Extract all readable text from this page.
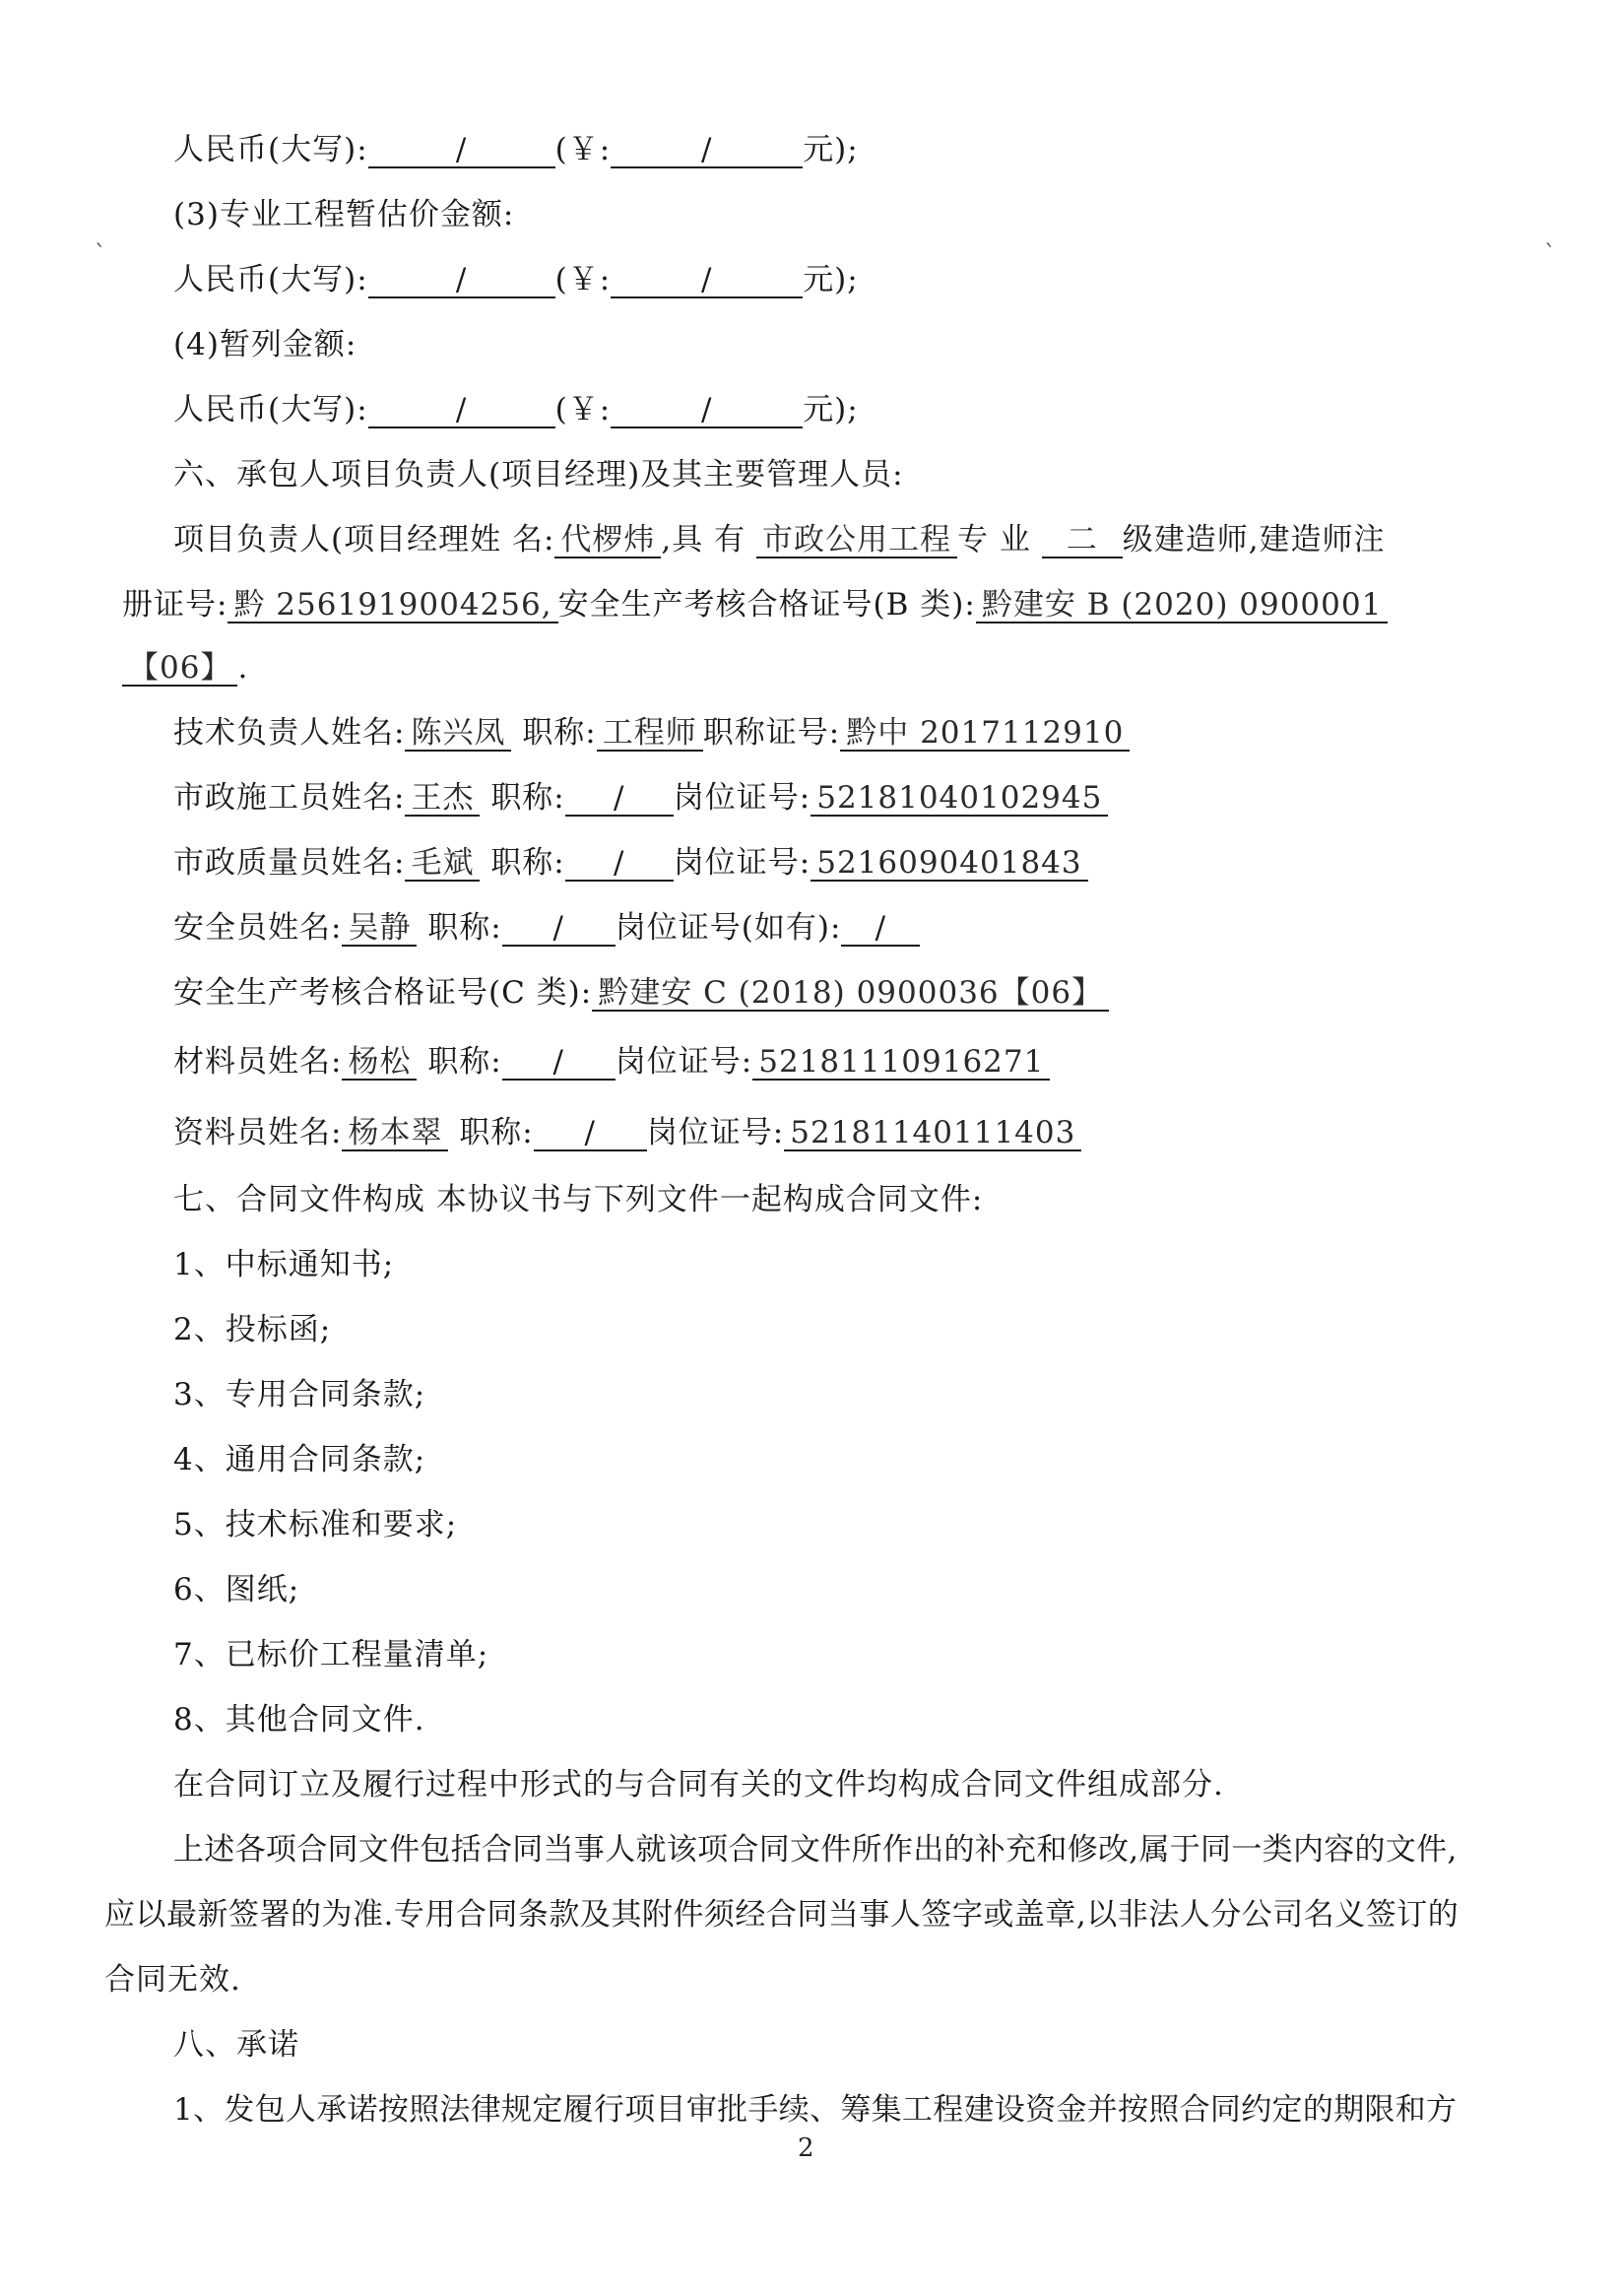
人民币(大写):	/	(￥:	/	元);
(3)专业工程暂估价金额:
人民币(大写):	/	(￥:	/	元);
(4)暂列金额:
人民币(大写):	/	(￥:	/	元);
六、承包人项目负责人(项目经理)及其主要管理人员:
项目负责人(项目经理姓 名: 代椤炜 ,具 有 市政公用工程 专 业 二 级建造师,建造师注
册证号: 黔 2561919004256, 安全生产考核合格证号(B 类): 黔建安 B (2020) 0900001
【06】 .
技术负责人姓名: 陈兴凤 职称: 工程师 职称证号: 黔中 2017112910
市政施工员姓名: 王杰 职称: / 岗位证号: 52181040102945
市政质量员姓名: 毛斌 职称: / 岗位证号: 5216090401843
安全员姓名: 吴静 职称: / 岗位证号(如有): /
安全生产考核合格证号(C 类): 黔建安 C (2018) 0900036【06】
材料员姓名: 杨松 职称: / 岗位证号: 52181110916271
资料员姓名: 杨本翠 职称: / 岗位证号: 52181140111403
七、合同文件构成 本协议书与下列文件一起构成合同文件:
1、中标通知书;
2、投标函;
3、专用合同条款;
4、通用合同条款;
5、技术标准和要求;
6、图纸;
7、已标价工程量清单;
8、其他合同文件.
在合同订立及履行过程中形式的与合同有关的文件均构成合同文件组成部分.
上述各项合同文件包括合同当事人就该项合同文件所作出的补充和修改,属于同一类内容的文件,
应以最新签署的为准.专用合同条款及其附件须经合同当事人签字或盖章,以非法人分公司名义签订的
合同无效.
八、承诺
1、发包人承诺按照法律规定履行项目审批手续、筹集工程建设资金并按照合同约定的期限和方
2
`	`
